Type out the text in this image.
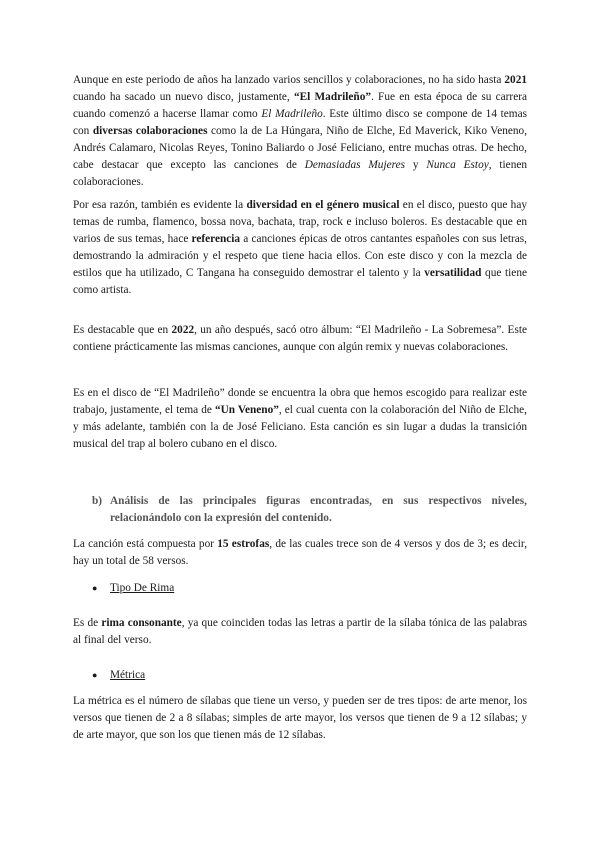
Aunque en este periodo de años ha lanzado varios sencillos y colaboraciones, no ha sido hasta 2021 cuando ha sacado un nuevo disco, justamente, “El Madrileño”. Fue en esta época de su carrera cuando comenzó a hacerse llamar como El Madrileño. Este último disco se compone de 14 temas con diversas colaboraciones como la de La Húngara, Niño de Elche, Ed Maverick, Kiko Veneno, Andrés Calamaro, Nicolas Reyes, Tonino Baliardo o José Feliciano, entre muchas otras. De hecho, cabe destacar que excepto las canciones de Demasiadas Mujeres y Nunca Estoy, tienen colaboraciones.

Por esa razón, también es evidente la diversidad en el género musical en el disco, puesto que hay temas de rumba, flamenco, bossa nova, bachata, trap, rock e incluso boleros. Es destacable que en varios de sus temas, hace referencia a canciones épicas de otros cantantes españoles con sus letras, demostrando la admiración y el respeto que tiene hacia ellos. Con este disco y con la mezcla de estilos que ha utilizado, C Tangana ha conseguido demostrar el talento y la versatilidad que tiene como artista.

Es destacable que en 2022, un año después, sacó otro álbum: “El Madrileño - La Sobremesa”. Este contiene prácticamente las mismas canciones, aunque con algún remix y nuevas colaboraciones.

Es en el disco de “El Madrileño” donde se encuentra la obra que hemos escogido para realizar este trabajo, justamente, el tema de “Un Veneno”, el cual cuenta con la colaboración del Niño de Elche, y más adelante, también con la de José Feliciano. Esta canción es sin lugar a dudas la transición musical del trap al bolero cubano en el disco.

b) Análisis de las principales figuras encontradas, en sus respectivos niveles, relacionándolo con la expresión del contenido.

La canción está compuesta por 15 estrofas, de las cuales trece son de 4 versos y dos de 3; es decir, hay un total de 58 versos.

● Tipo De Rima

Es de rima consonante, ya que coinciden todas las letras a partir de la sílaba tónica de las palabras al final del verso.

● Métrica

La métrica es el número de sílabas que tiene un verso, y pueden ser de tres tipos: de arte menor, los versos que tienen de 2 a 8 sílabas; simples de arte mayor, los versos que tienen de 9 a 12 sílabas; y de arte mayor, que son los que tienen más de 12 sílabas.
